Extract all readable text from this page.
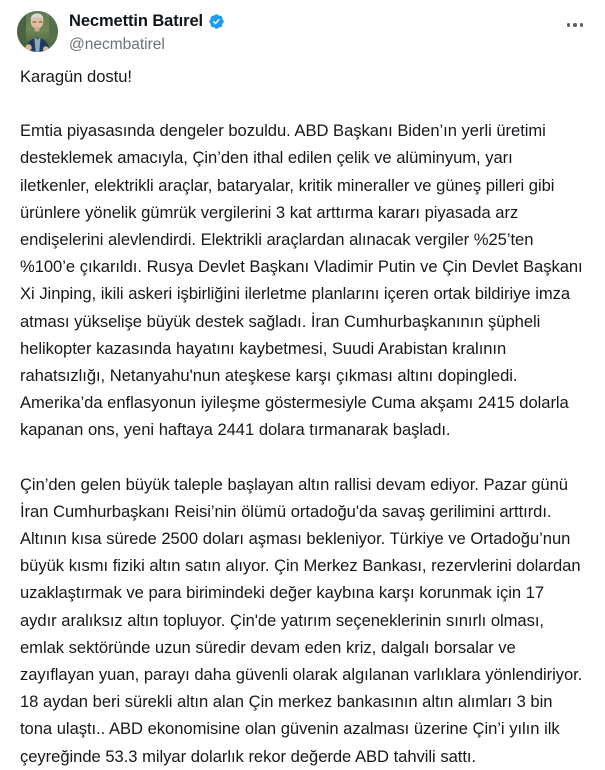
Necmettin Batırel
@necmbatirel

Karagün dostu!

Emtia piyasasında dengeler bozuldu. ABD Başkanı Biden’ın yerli üretimi desteklemek amacıyla, Çin’den ithal edilen çelik ve alüminyum, yarı iletkenler, elektrikli araçlar, bataryalar, kritik mineraller ve güneş pilleri gibi ürünlere yönelik gümrük vergilerini 3 kat arttırma kararı piyasada arz endişelerini alevlendirdi. Elektrikli araçlardan alınacak vergiler %25’ten %100’e çıkarıldı. Rusya Devlet Başkanı Vladimir Putin ve Çin Devlet Başkanı Xi Jinping, ikili askeri işbirliğini ilerletme planlarını içeren ortak bildiriye imza atması yükselişe büyük destek sağladı. İran Cumhurbaşkanının şüpheli helikopter kazasında hayatını kaybetmesi, Suudi Arabistan kralının rahatsızlığı, Netanyahu'nun ateşkese karşı çıkması altını dopingledi. Amerika’da enflasyonun iyileşme göstermesiyle Cuma akşamı 2415 dolarla kapanan ons, yeni haftaya 2441 dolara tırmanarak başladı.

Çin’den gelen büyük taleple başlayan altın rallisi devam ediyor. Pazar günü İran Cumhurbaşkanı Reisi’nin ölümü ortadoğu'da savaş gerilimini arttırdı. Altının kısa sürede 2500 doları aşması bekleniyor. Türkiye ve Ortadoğu’nun büyük kısmı fiziki altın satın alıyor. Çin Merkez Bankası, rezervlerini dolardan uzaklaştırmak ve para birimindeki değer kaybına karşı korunmak için 17 aydır aralıksız altın topluyor. Çin'de yatırım seçeneklerinin sınırlı olması, emlak sektöründe uzun süredir devam eden kriz, dalgalı borsalar ve zayıflayan yuan, parayı daha güvenli olarak algılanan varlıklara yönlendiriyor. 18 aydan beri sürekli altın alan Çin merkez bankasının altın alımları 3 bin tona ulaştı.. ABD ekonomisine olan güvenin azalması üzerine Çin’i yılın ilk çeyreğinde 53.3 milyar dolarlık rekor değerde ABD tahvili sattı.
